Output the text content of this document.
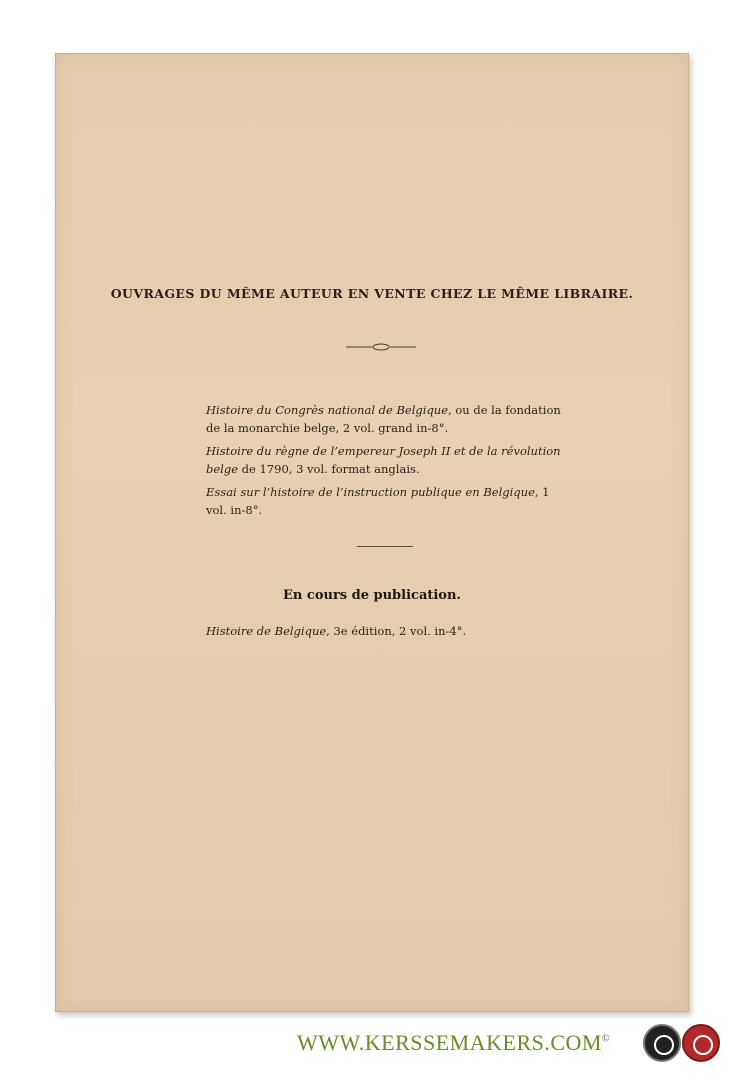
OUVRAGES DU MÊME AUTEUR EN VENTE CHEZ LE MÊME LIBRAIRE.
Histoire du Congrès national de Belgique, ou de la fondation de la monarchie belge, 2 vol. grand in-8°.
Histoire du règne de l’empereur Joseph II et de la révolution belge de 1790, 3 vol. format anglais.
Essai sur l’histoire de l’instruction publique en Belgique, 1 vol. in-8°.
En cours de publication.
Histoire de Belgique, 3e édition, 2 vol. in-4°.
WWW.KERSSEMAKERS.COM©
